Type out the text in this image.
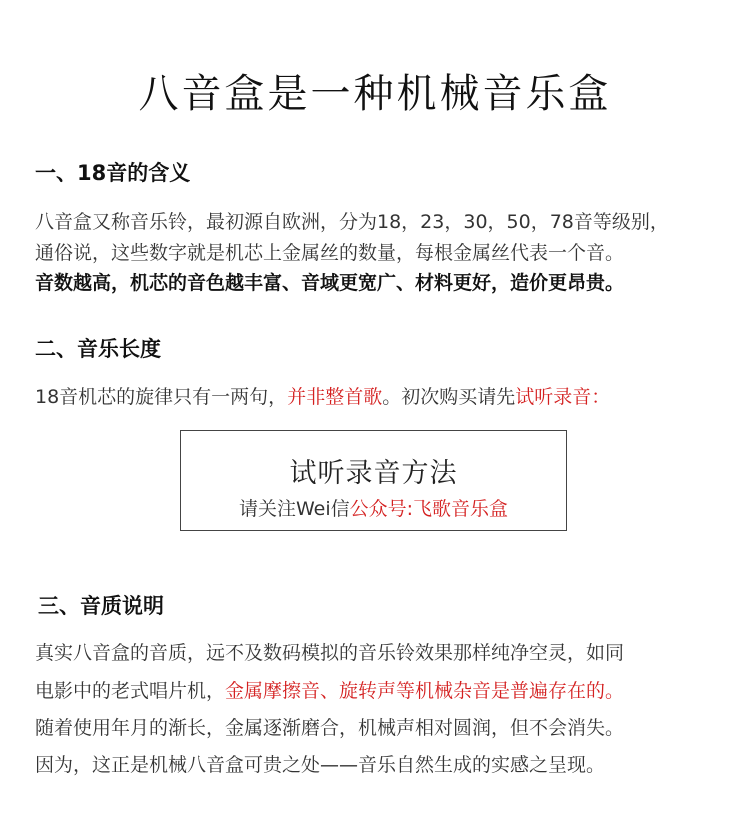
八音盒是一种机械音乐盒
一、18音的含义
八音盒又称音乐铃，最初源自欧洲，分为18，23，30，50，78音等级别，
通俗说，这些数字就是机芯上金属丝的数量，每根金属丝代表一个音。
音数越高，机芯的音色越丰富、音域更宽广、材料更好，造价更昂贵。
二、音乐长度
18音机芯的旋律只有一两句，并非整首歌。初次购买请先试听录音：
试听录音方法
请关注Wei信公众号:飞歌音乐盒
三、音质说明
真实八音盒的音质，远不及数码模拟的音乐铃效果那样纯净空灵，如同
电影中的老式唱片机，金属摩擦音、旋转声等机械杂音是普遍存在的。
随着使用年月的渐长，金属逐渐磨合，机械声相对圆润，但不会消失。
因为，这正是机械八音盒可贵之处——音乐自然生成的实感之呈现。
